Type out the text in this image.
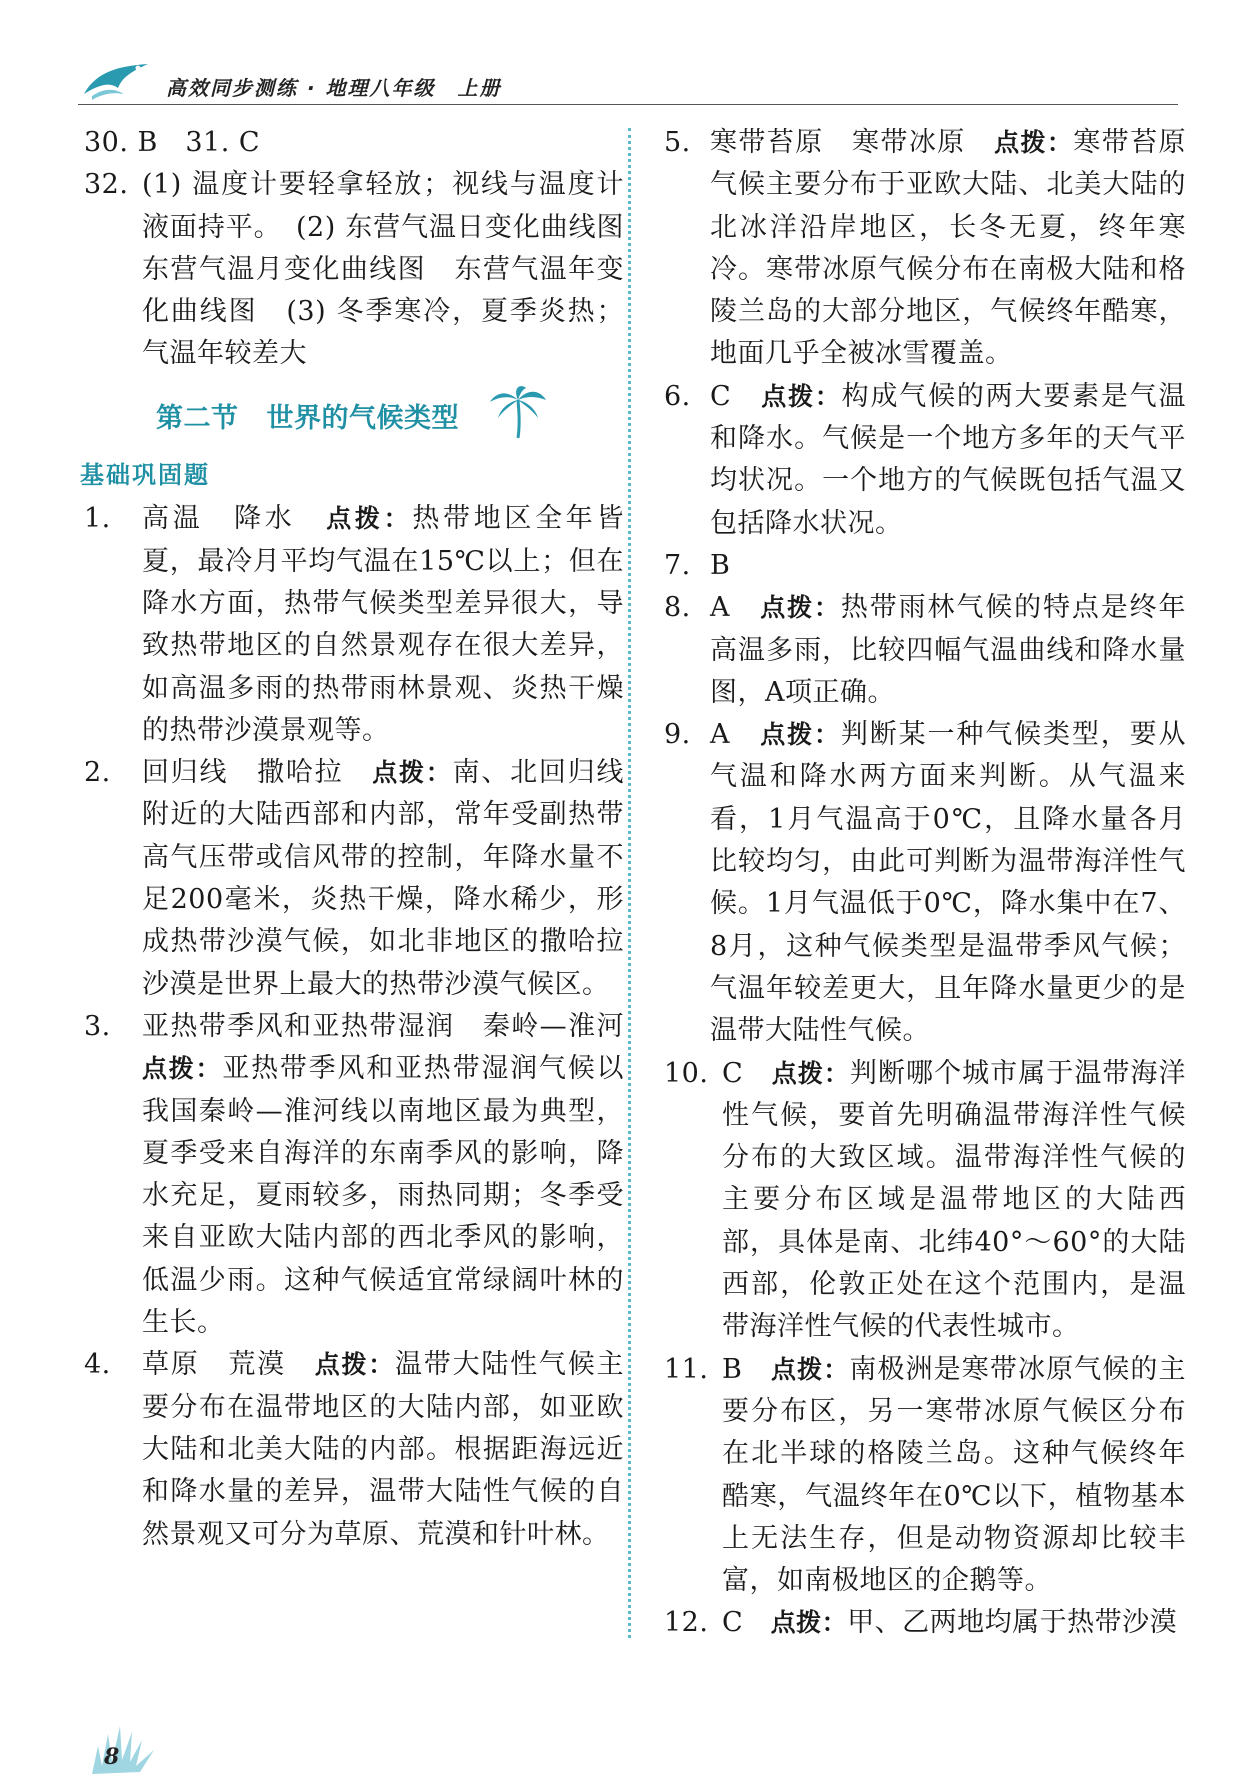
高效同步测练 · 地理八年级　上册

30. B　31. C

32. (1) 温度计要轻拿轻放；视线与温度计液面持平。　(2) 东营气温日变化曲线图　东营气温月变化曲线图　东营气温年变化曲线图　(3) 冬季寒冷，夏季炎热；气温年较差大
第二节 世界的气候类型
基础巩固题
1. 高温　降水　点拨：热带地区全年皆夏，最冷月平均气温在15℃以上；但在降水方面，热带气候类型差异很大，导致热带地区的自然景观存在很大差异，如高温多雨的热带雨林景观、炎热干燥的热带沙漠景观等。
2. 回归线　撒哈拉　点拨：南、北回归线附近的大陆西部和内部，常年受副热带高气压带或信风带的控制，年降水量不足200毫米，炎热干燥，降水稀少，形成热带沙漠气候，如北非地区的撒哈拉沙漠是世界上最大的热带沙漠气候区。
3. 亚热带季风和亚热带湿润　秦岭—淮河　点拨：亚热带季风和亚热带湿润气候以我国秦岭—淮河线以南地区最为典型，夏季受来自海洋的东南季风的影响，降水充足，夏雨较多，雨热同期；冬季受来自亚欧大陆内部的西北季风的影响，低温少雨。这种气候适宜常绿阔叶林的生长。
4. 草原　荒漠　点拨：温带大陆性气候主要分布在温带地区的大陆内部，如亚欧大陆和北美大陆的内部。根据距海远近和降水量的差异，温带大陆性气候的自然景观又可分为草原、荒漠和针叶林。
5. 寒带苔原　寒带冰原　点拨：寒带苔原气候主要分布于亚欧大陆、北美大陆的北冰洋沿岸地区，长冬无夏，终年寒冷。寒带冰原气候分布在南极大陆和格陵兰岛的大部分地区，气候终年酷寒，地面几乎全被冰雪覆盖。
6. C　点拨：构成气候的两大要素是气温和降水。气候是一个地方多年的天气平均状况。一个地方的气候既包括气温又包括降水状况。
7. B
8. A　点拨：热带雨林气候的特点是终年高温多雨，比较四幅气温曲线和降水量图，A项正确。
9. A　点拨：判断某一种气候类型，要从气温和降水两方面来判断。从气温来看，1月气温高于0℃，且降水量各月比较均匀，由此可判断为温带海洋性气候。1月气温低于0℃，降水集中在7、8月，这种气候类型是温带季风气候；气温年较差更大，且年降水量更少的是温带大陆性气候。
10. C　点拨：判断哪个城市属于温带海洋性气候，要首先明确温带海洋性气候分布的大致区域。温带海洋性气候的主要分布区域是温带地区的大陆西部，具体是南、北纬40°～60°的大陆西部，伦敦正处在这个范围内，是温带海洋性气候的代表性城市。
11. B　点拨：南极洲是寒带冰原气候的主要分布区，另一寒带冰原气候区分布在北半球的格陵兰岛。这种气候终年酷寒，气温终年在0℃以下，植物基本上无法生存，但是动物资源却比较丰富，如南极地区的企鹅等。
12. C　点拨：甲、乙两地均属于热带沙漠
8
